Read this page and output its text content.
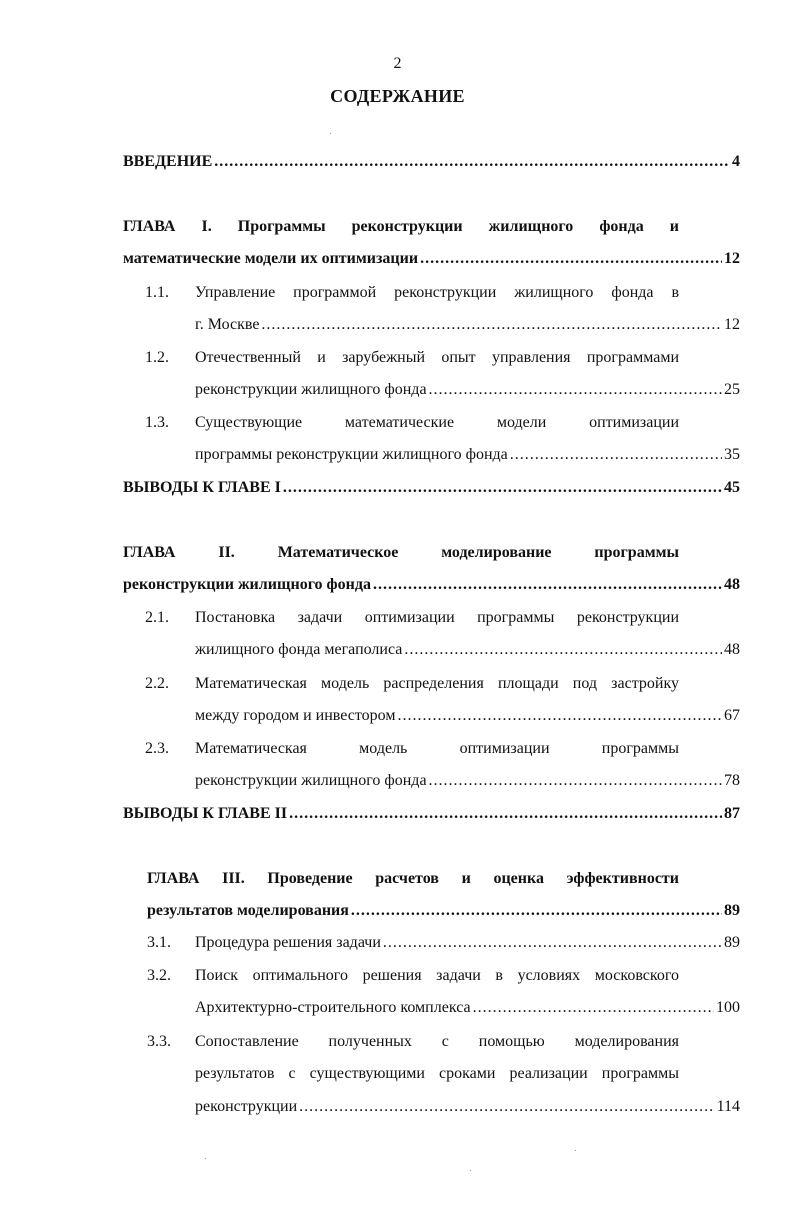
2
СОДЕРЖАНИЕ
ВВЕДЕНИЕ .....	4
ГЛАВА I. Программы реконструкции жилищного фонда и
математические модели их оптимизации .....	12
1.1. Управление программой реконструкции жилищного фонда в
г. Москве .....	12
1.2. Отечественный и зарубежный опыт управления программами
реконструкции жилищного фонда .....	25
1.3. Существующие математические модели оптимизации
программы реконструкции жилищного фонда .....	35
ВЫВОДЫ К ГЛАВЕ I .....	45
ГЛАВА II. Математическое моделирование программы
реконструкции жилищного фонда .....	48
2.1. Постановка задачи оптимизации программы реконструкции
жилищного фонда мегаполиса .....	48
2.2. Математическая модель распределения площади под застройку
между городом и инвестором .....	67
2.3. Математическая модель оптимизации программы
реконструкции жилищного фонда .....	78
ВЫВОДЫ К ГЛАВЕ II .....	87
ГЛАВА III. Проведение расчетов и оценка эффективности
результатов моделирования .....	89
3.1. Процедура решения задачи .....	89
3.2. Поиск оптимального решения задачи в условиях московского
Архитектурно-строительного комплекса .....	100
3.3. Сопоставление полученных с помощью моделирования
результатов с существующими сроками реализации программы
реконструкции .....	114
